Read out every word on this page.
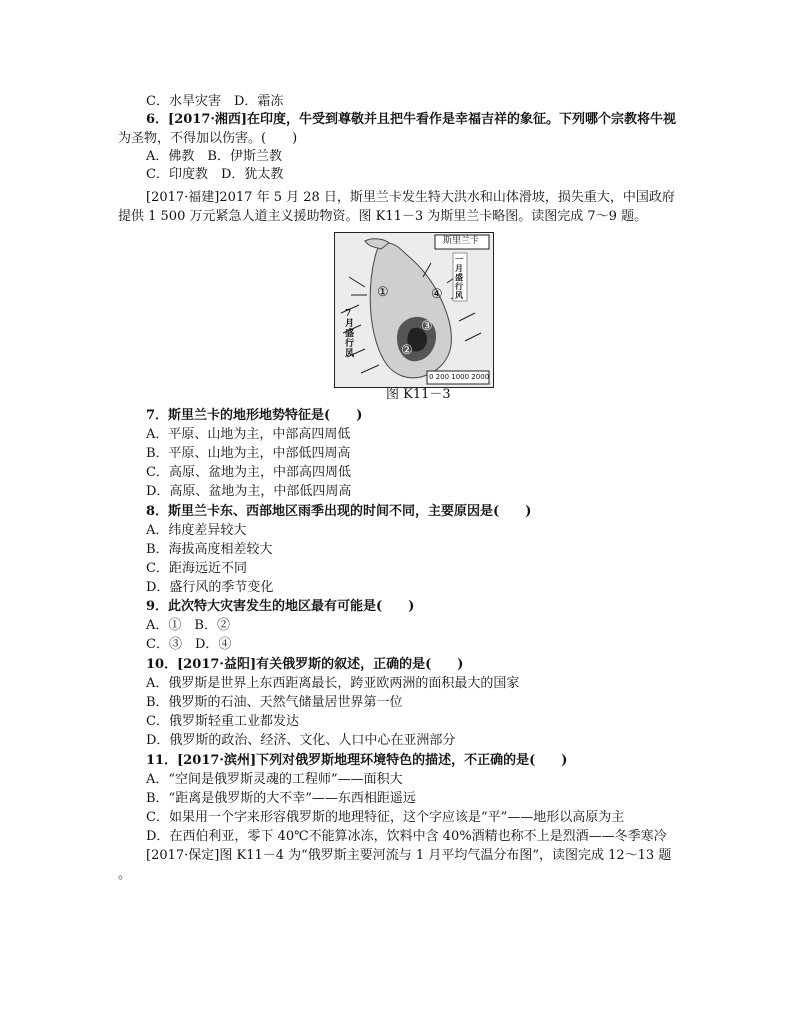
C．水旱灾害　D．霜冻
6．[2017·湘西]在印度，牛受到尊敬并且把牛看作是幸福吉祥的象征。下列哪个宗教将牛视
为圣物，不得加以伤害。(　　)
A．佛教　B．伊斯兰教
C．印度教　D．犹太教
[2017·福建]2017 年 5 月 28 日，斯里兰卡发生特大洪水和山体滑坡，损失重大，中国政府
提供 1 500 万元紧急人道主义援助物资。图 K11－3 为斯里兰卡略图。读图完成 7～9 题。
斯里兰卡
0 200 1000 2000
7月盛行风
一月盛行风
①
②
③
④
图 K11－3
7．斯里兰卡的地形地势特征是(　　)
A．平原、山地为主，中部高四周低
B．平原、山地为主，中部低四周高
C．高原、盆地为主，中部高四周低
D．高原、盆地为主，中部低四周高
8．斯里兰卡东、西部地区雨季出现的时间不同，主要原因是(　　)
A．纬度差异较大
B．海拔高度相差较大
C．距海远近不同
D．盛行风的季节变化
9．此次特大灾害发生的地区最有可能是(　　)
A．①　B．②
C．③　D．④
10．[2017·益阳]有关俄罗斯的叙述，正确的是(　　)
A．俄罗斯是世界上东西距离最长，跨亚欧两洲的面积最大的国家
B．俄罗斯的石油、天然气储量居世界第一位
C．俄罗斯轻重工业都发达
D．俄罗斯的政治、经济、文化、人口中心在亚洲部分
11．[2017·滨州]下列对俄罗斯地理环境特色的描述，不正确的是(　　)
A．“空间是俄罗斯灵魂的工程师”——面积大
B．“距离是俄罗斯的大不幸”——东西相距遥远
C．如果用一个字来形容俄罗斯的地理特征，这个字应该是“平”——地形以高原为主
D．在西伯利亚，零下 40℃不能算冰冻，饮料中含 40%酒精也称不上是烈酒——冬季寒冷
[2017·保定]图 K11－4 为“俄罗斯主要河流与 1 月平均气温分布图”，读图完成 12～13 题
。
